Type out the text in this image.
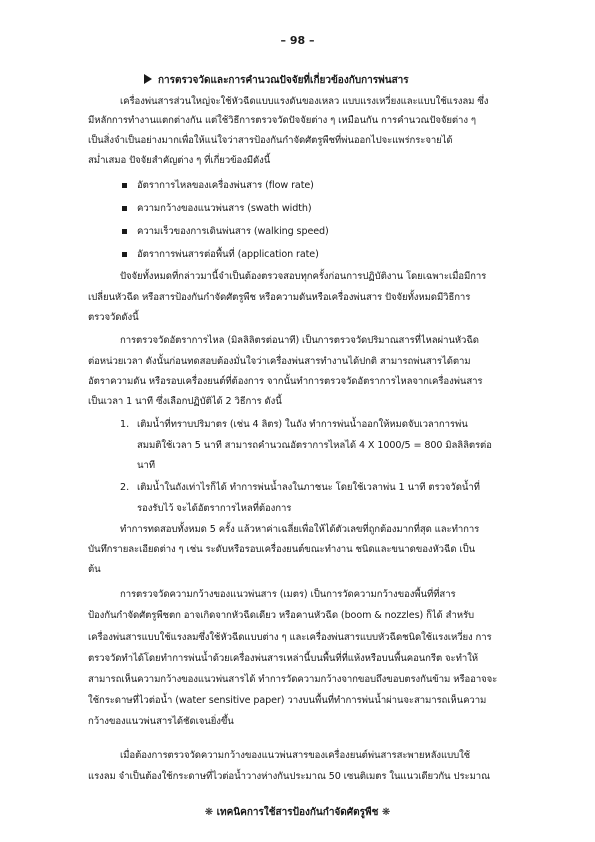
– 98 –
การตรวจวัดและการคำนวณปัจจัยที่เกี่ยวข้องกับการพ่นสาร
เครื่องพ่นสารส่วนใหญ่จะใช้หัวฉีดแบบแรงดันของเหลว แบบแรงเหวี่ยงและแบบใช้แรงลม ซึ่ง
มีหลักการทำงานแตกต่างกัน แต่ใช้วิธีการตรวจวัดปัจจัยต่าง ๆ เหมือนกัน การคำนวณปัจจัยต่าง ๆ
เป็นสิ่งจำเป็นอย่างมากเพื่อให้แน่ใจว่าสารป้องกันกำจัดศัตรูพืชที่พ่นออกไปจะแพร่กระจายได้
สม่ำเสมอ ปัจจัยสำคัญต่าง ๆ ที่เกี่ยวข้องมีดังนี้
อัตราการไหลของเครื่องพ่นสาร (flow rate)
ความกว้างของแนวพ่นสาร (swath width)
ความเร็วของการเดินพ่นสาร (walking speed)
อัตราการพ่นสารต่อพื้นที่ (application rate)
ปัจจัยทั้งหมดที่กล่าวมานี้จำเป็นต้องตรวจสอบทุกครั้งก่อนการปฏิบัติงาน โดยเฉพาะเมื่อมีการ
เปลี่ยนหัวฉีด หรือสารป้องกันกำจัดศัตรูพืช หรือความดันหรือเครื่องพ่นสาร ปัจจัยทั้งหมดมีวิธีการ
ตรวจวัดดังนี้
การตรวจวัดอัตราการไหล (มิลลิลิตรต่อนาที) เป็นการตรวจวัดปริมาณสารที่ไหลผ่านหัวฉีด
ต่อหน่วยเวลา ดังนั้นก่อนทดสอบต้องมั่นใจว่าเครื่องพ่นสารทำงานได้ปกติ สามารถพ่นสารได้ตาม
อัตราความดัน หรือรอบเครื่องยนต์ที่ต้องการ จากนั้นทำการตรวจวัดอัตราการไหลจากเครื่องพ่นสาร
เป็นเวลา 1 นาที ซึ่งเลือกปฏิบัติได้ 2 วิธีการ ดังนี้
1. เติมน้ำที่ทราบปริมาตร (เช่น 4 ลิตร) ในถัง ทำการพ่นน้ำออกให้หมดจับเวลาการพ่น
สมมติใช้เวลา 5 นาที สามารถคำนวณอัตราการไหลได้ 4 X 1000/5 = 800 มิลลิลิตรต่อ
นาที
2. เติมน้ำในถังเท่าไรก็ได้ ทำการพ่นน้ำลงในภาชนะ โดยใช้เวลาพ่น 1 นาที ตรวจวัดน้ำที่
รองรับไว้ จะได้อัตราการไหลที่ต้องการ
ทำการทดสอบทั้งหมด 5 ครั้ง แล้วหาค่าเฉลี่ยเพื่อให้ได้ตัวเลขที่ถูกต้องมากที่สุด และทำการ
บันทึกรายละเอียดต่าง ๆ เช่น ระดับหรือรอบเครื่องยนต์ขณะทำงาน ชนิดและขนาดของหัวฉีด เป็น
ต้น
การตรวจวัดความกว้างของแนวพ่นสาร (เมตร) เป็นการวัดความกว้างของพื้นที่ที่สาร
ป้องกันกำจัดศัตรูพืชตก อาจเกิดจากหัวฉีดเดียว หรือคานหัวฉีด (boom & nozzles) ก็ได้ สำหรับ
เครื่องพ่นสารแบบใช้แรงลมซึ่งใช้หัวฉีดแบบต่าง ๆ และเครื่องพ่นสารแบบหัวฉีดชนิดใช้แรงเหวี่ยง การ
ตรวจวัดทำได้โดยทำการพ่นน้ำด้วยเครื่องพ่นสารเหล่านี้บนพื้นที่ที่แห้งหรือบนพื้นคอนกรีต จะทำให้
สามารถเห็นความกว้างของแนวพ่นสารได้ ทำการวัดความกว้างจากขอบถึงขอบตรงกันข้าม หรืออาจจะ
ใช้กระดาษที่ไวต่อน้ำ (water sensitive paper) วางบนพื้นที่ทำการพ่นน้ำผ่านจะสามารถเห็นความ
กว้างของแนวพ่นสารได้ชัดเจนยิ่งขึ้น
เมื่อต้องการตรวจวัดความกว้างของแนวพ่นสารของเครื่องยนต์พ่นสารสะพายหลังแบบใช้
แรงลม จำเป็นต้องใช้กระดาษที่ไวต่อน้ำวางห่างกันประมาณ 50 เซนติเมตร ในแนวเดียวกัน ประมาณ
❋ เทคนิคการใช้สารป้องกันกำจัดศัตรูพืช ❋
